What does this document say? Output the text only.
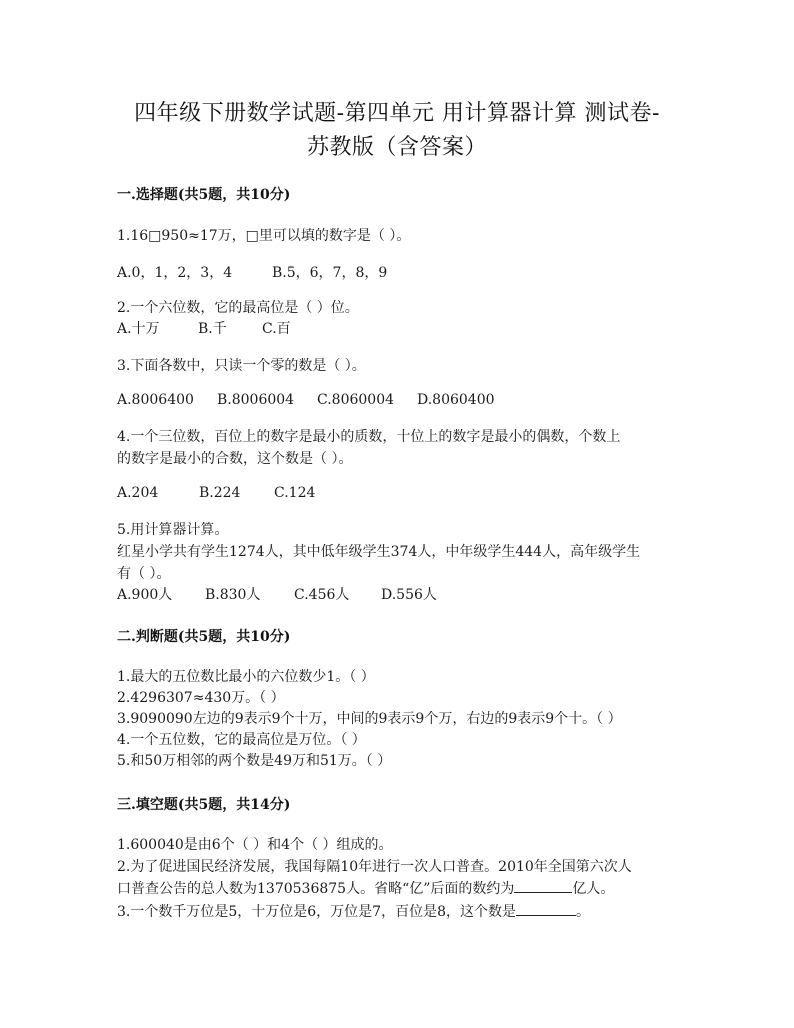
四年级下册数学试题-第四单元 用计算器计算 测试卷-
苏教版（含答案）
一.选择题(共5题，共10分)
1.16□950≈17万，□里可以填的数字是（ ）。
A.0，1，2，3，4	B.5，6，7，8，9
2.一个六位数，它的最高位是（ ）位。
A.十万	B.千	C.百
3.下面各数中，只读一个零的数是（ ）。
A.8006400 B.8006004 C.8060004 D.8060400
4.一个三位数，百位上的数字是最小的质数，十位上的数字是最小的偶数，个数上
的数字是最小的合数，这个数是（ ）。
A.204	B.224 C.124
5.用计算器计算。
红星小学共有学生1274人，其中低年级学生374人，中年级学生444人，高年级学生
有（ ）。
A.900人 B.830人 C.456人 D.556人
二.判断题(共5题，共10分)
1.最大的五位数比最小的六位数少1。（ ）
2.4296307≈430万。（ ）
3.9090090左边的9表示9个十万，中间的9表示9个万，右边的9表示9个十。（ ）
4.一个五位数，它的最高位是万位。（ ）
5.和50万相邻的两个数是49万和51万。（ ）
三.填空题(共5题，共14分)
1.600040是由6个（ ）和4个（ ）组成的。
2.为了促进国民经济发展，我国每隔10年进行一次人口普查。2010年全国第六次人
口普查公告的总人数为1370536875人。省略“亿”后面的数约为	亿人。
3.一个数千万位是5，十万位是6，万位是7，百位是8，这个数是	。
